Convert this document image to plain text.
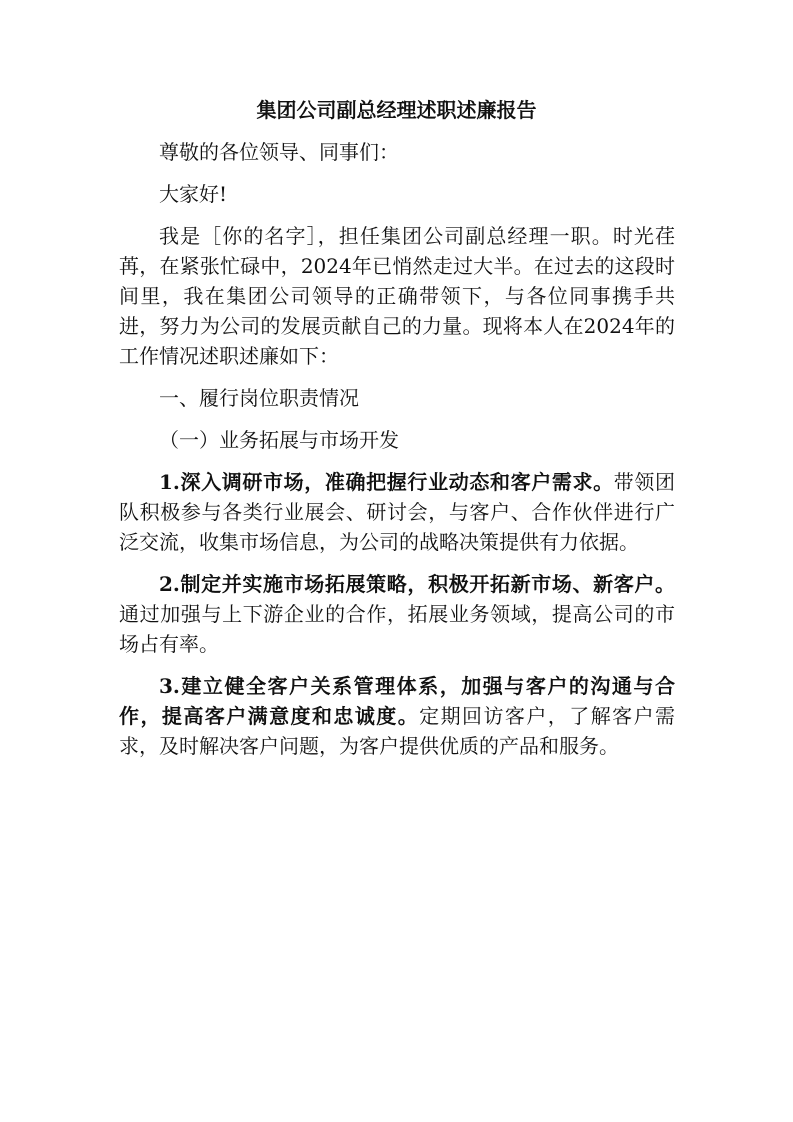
集团公司副总经理述职述廉报告

尊敬的各位领导、同事们：

大家好!

我是［你的名字］，担任集团公司副总经理一职。时光荏苒，在紧张忙碌中，2024年已悄然走过大半。在过去的这段时间里，我在集团公司领导的正确带领下，与各位同事携手共进，努力为公司的发展贡献自己的力量。现将本人在2024年的工作情况述职述廉如下：

一、履行岗位职责情况

（一）业务拓展与市场开发

1.深入调研市场，准确把握行业动态和客户需求。带领团队积极参与各类行业展会、研讨会，与客户、合作伙伴进行广泛交流，收集市场信息，为公司的战略决策提供有力依据。

2.制定并实施市场拓展策略，积极开拓新市场、新客户。通过加强与上下游企业的合作，拓展业务领域，提高公司的市场占有率。

3.建立健全客户关系管理体系，加强与客户的沟通与合作，提高客户满意度和忠诚度。定期回访客户，了解客户需求，及时解决客户问题，为客户提供优质的产品和服务。
